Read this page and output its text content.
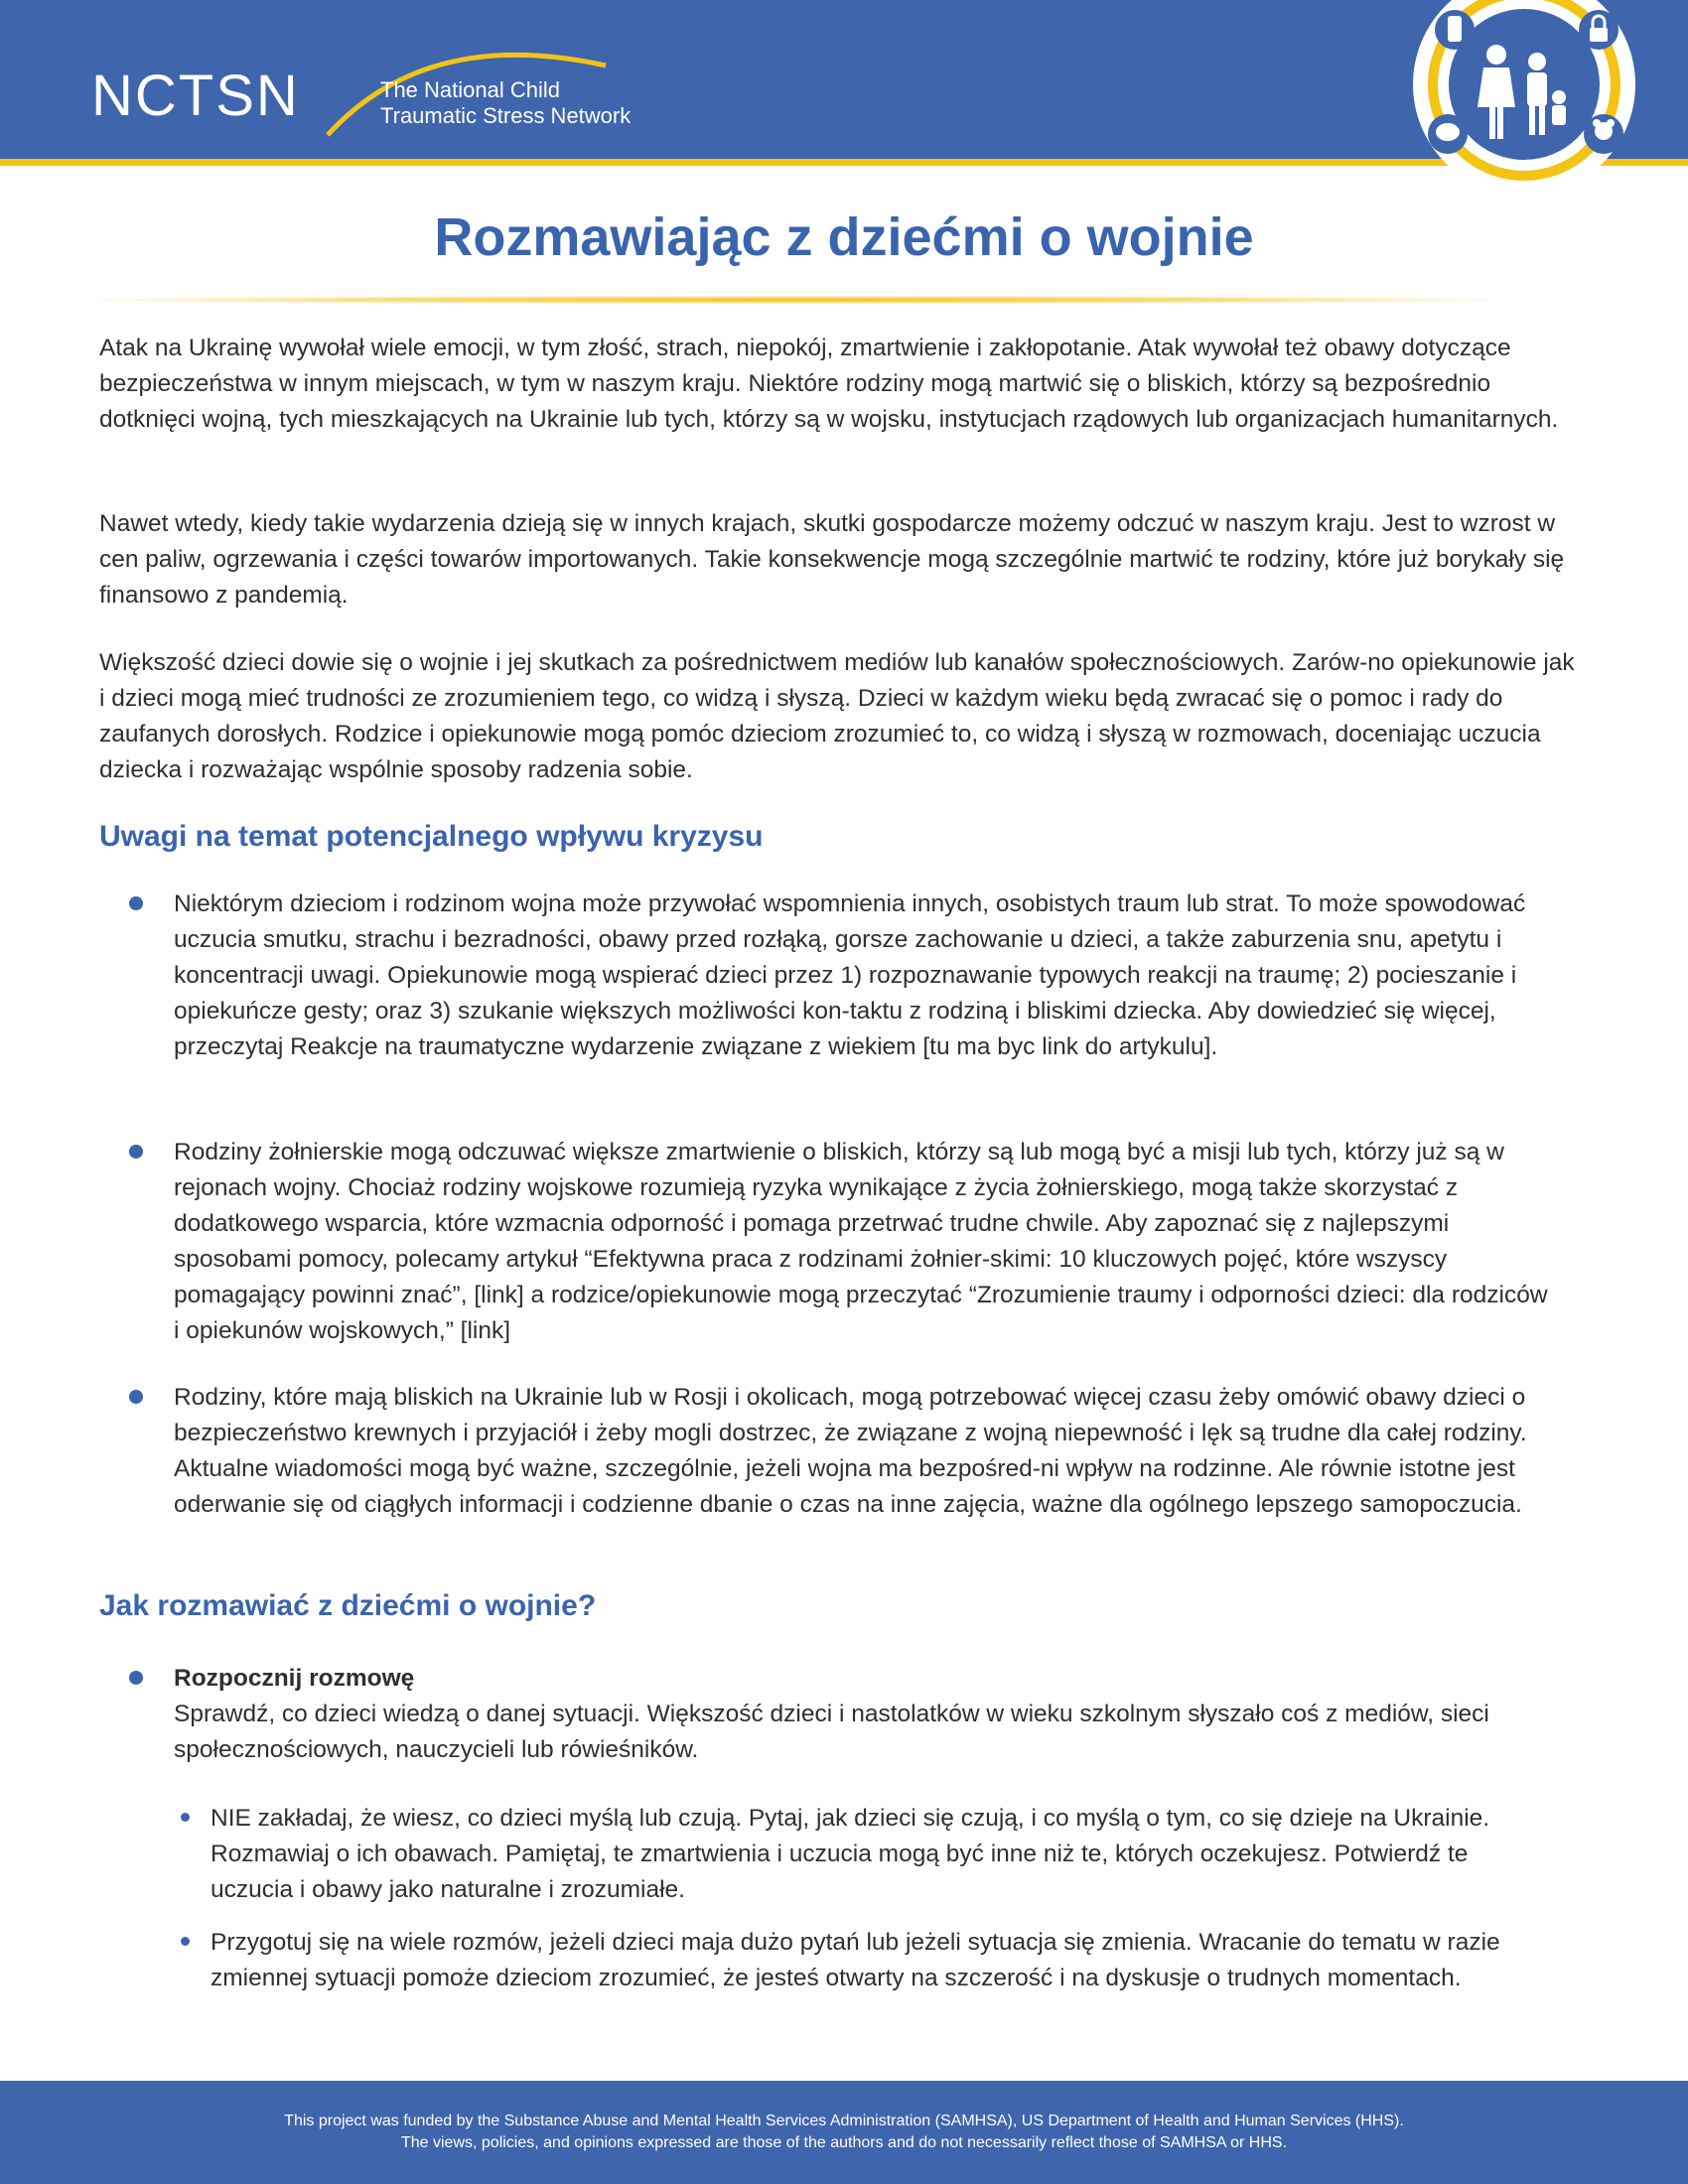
NCTSN	The National Child
Traumatic Stress Network
Rozmawiając z dziećmi o wojnie
Atak na Ukrainę wywołał wiele emocji, w tym złość, strach, niepokój, zmartwienie i zakłopotanie. Atak wywołał też obawy dotyczące bezpieczeństwa w innym miejscach, w tym w naszym kraju. Niektóre rodziny mogą martwić się o bliskich, którzy są bezpośrednio dotknięci wojną, tych mieszkających na Ukrainie lub tych, którzy są w wojsku, instytucjach rządowych lub organizacjach humanitarnych.
Nawet wtedy, kiedy takie wydarzenia dzieją się w innych krajach, skutki gospodarcze możemy odczuć w naszym kraju. Jest to wzrost w cen paliw, ogrzewania i części towarów importowanych. Takie konsekwencje mogą szczególnie martwić te rodziny, które już borykały się finansowo z pandemią.
Większość dzieci dowie się o wojnie i jej skutkach za pośrednictwem mediów lub kanałów społecznościowych. Zarów-no opiekunowie jak i dzieci mogą mieć trudności ze zrozumieniem tego, co widzą i słyszą. Dzieci w każdym wieku będą zwracać się o pomoc i rady do zaufanych dorosłych. Rodzice i opiekunowie mogą pomóc dzieciom zrozumieć to, co widzą i słyszą w rozmowach, doceniając uczucia dziecka i rozważając wspólnie sposoby radzenia sobie.
Uwagi na temat potencjalnego wpływu kryzysu
Niektórym dzieciom i rodzinom wojna może przywołać wspomnienia innych, osobistych traum lub strat. To może spowodować uczucia smutku, strachu i bezradności, obawy przed rozłąką, gorsze zachowanie u dzieci, a także zaburzenia snu, apetytu i koncentracji uwagi. Opiekunowie mogą wspierać dzieci przez 1) rozpoznawanie typowych reakcji na traumę; 2) pocieszanie i opiekuńcze gesty; oraz 3) szukanie większych możliwości kon-taktu z rodziną i bliskimi dziecka. Aby dowiedzieć się więcej, przeczytaj Reakcje na traumatyczne wydarzenie związane z wiekiem [tu ma byc link do artykulu].
Rodziny żołnierskie mogą odczuwać większe zmartwienie o bliskich, którzy są lub mogą być a misji lub tych, którzy już są w rejonach wojny. Chociaż rodziny wojskowe rozumieją ryzyka wynikające z życia żołnierskiego, mogą także skorzystać z dodatkowego wsparcia, które wzmacnia odporność i pomaga przetrwać trudne chwile. Aby zapoznać się z najlepszymi sposobami pomocy, polecamy artykuł “Efektywna praca z rodzinami żołnier-skimi: 10 kluczowych pojęć, które wszyscy pomagający powinni znać”, [link] a rodzice/opiekunowie mogą przeczytać “Zrozumienie traumy i odporności dzieci: dla rodziców i opiekunów wojskowych,” [link]
Rodziny, które mają bliskich na Ukrainie lub w Rosji i okolicach, mogą potrzebować więcej czasu żeby omówić obawy dzieci o bezpieczeństwo krewnych i przyjaciół i żeby mogli dostrzec, że związane z wojną niepewność i lęk są trudne dla całej rodziny. Aktualne wiadomości mogą być ważne, szczególnie, jeżeli wojna ma bezpośred-ni wpływ na rodzinne. Ale równie istotne jest oderwanie się od ciągłych informacji i codzienne dbanie o czas na inne zajęcia, ważne dla ogólnego lepszego samopoczucia.
Jak rozmawiać z dziećmi o wojnie?
Rozpocznij rozmowę
Sprawdź, co dzieci wiedzą o danej sytuacji. Większość dzieci i nastolatków w wieku szkolnym słyszało coś z mediów, sieci społecznościowych, nauczycieli lub rówieśników.
NIE zakładaj, że wiesz, co dzieci myślą lub czują. Pytaj, jak dzieci się czują, i co myślą o tym, co się dzieje na Ukrainie. Rozmawiaj o ich obawach. Pamiętaj, te zmartwienia i uczucia mogą być inne niż te, których oczekujesz. Potwierdź te uczucia i obawy jako naturalne i zrozumiałe.
Przygotuj się na wiele rozmów, jeżeli dzieci maja dużo pytań lub jeżeli sytuacja się zmienia. Wracanie do tematu w razie zmiennej sytuacji pomoże dzieciom zrozumieć, że jesteś otwarty na szczerość i na dyskusje o trudnych momentach.
This project was funded by the Substance Abuse and Mental Health Services Administration (SAMHSA), US Department of Health and Human Services (HHS).
The views, policies, and opinions expressed are those of the authors and do not necessarily reflect those of SAMHSA or HHS.
